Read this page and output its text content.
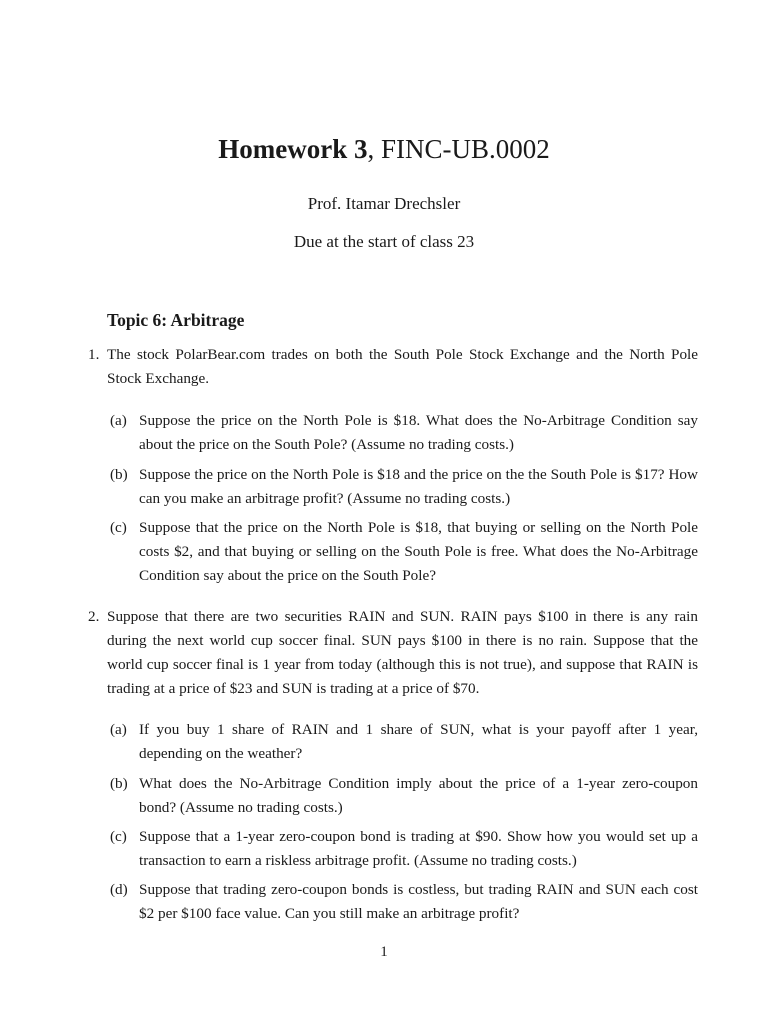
Homework 3, FINC-UB.0002
Prof. Itamar Drechsler
Due at the start of class 23
Topic 6: Arbitrage
1. The stock PolarBear.com trades on both the South Pole Stock Exchange and the North Pole Stock Exchange.
(a) Suppose the price on the North Pole is $18. What does the No-Arbitrage Condition say about the price on the South Pole? (Assume no trading costs.)
(b) Suppose the price on the North Pole is $18 and the price on the the South Pole is $17? How can you make an arbitrage profit? (Assume no trading costs.)
(c) Suppose that the price on the North Pole is $18, that buying or selling on the North Pole costs $2, and that buying or selling on the South Pole is free. What does the No-Arbitrage Condition say about the price on the South Pole?
2. Suppose that there are two securities RAIN and SUN. RAIN pays $100 in there is any rain during the next world cup soccer final. SUN pays $100 in there is no rain. Suppose that the world cup soccer final is 1 year from today (although this is not true), and suppose that RAIN is trading at a price of $23 and SUN is trading at a price of $70.
(a) If you buy 1 share of RAIN and 1 share of SUN, what is your payoff after 1 year, depending on the weather?
(b) What does the No-Arbitrage Condition imply about the price of a 1-year zero-coupon bond? (Assume no trading costs.)
(c) Suppose that a 1-year zero-coupon bond is trading at $90. Show how you would set up a transaction to earn a riskless arbitrage profit. (Assume no trading costs.)
(d) Suppose that trading zero-coupon bonds is costless, but trading RAIN and SUN each cost $2 per $100 face value. Can you still make an arbitrage profit?
1
